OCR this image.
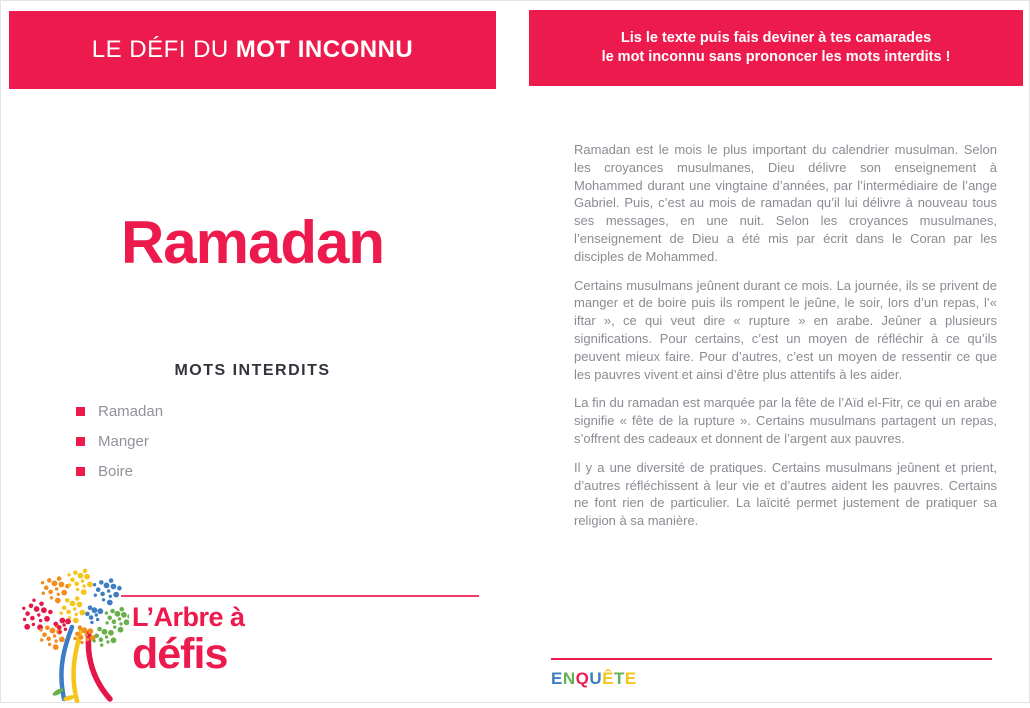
LE DÉFI DU MOT INCONNU	Lis le texte puis fais deviner à tes camarades
le mot inconnu sans prononcer les mots interdits !
Ramadan
MOTS INTERDITS
Ramadan
Manger
Boire
L’Arbre à
défis

Ramadan est le mois le plus important du calendrier musulman. Selon les croyances musulmanes, Dieu délivre son enseignement à Mohammed durant une vingtaine d’années, par l’intermédiaire de l’ange Gabriel. Puis, c’est au mois de ramadan qu’il lui délivre à nouveau tous ses messages, en une nuit. Selon les croyances musulmanes, l’enseignement de Dieu a été mis par écrit dans le Coran par les disciples de Mohammed.

Certains musulmans jeûnent durant ce mois. La journée, ils se privent de manger et de boire puis ils rompent le jeûne, le soir, lors d’un repas, l’« iftar », ce qui veut dire « rupture » en arabe. Jeûner a plusieurs significations. Pour certains, c’est un moyen de réfléchir à ce qu’ils peuvent mieux faire. Pour d’autres, c’est un moyen de ressentir ce que les pauvres vivent et ainsi d’être plus attentifs à les aider.

La fin du ramadan est marquée par la fête de l’Aïd el-Fitr, ce qui en arabe signifie « fête de la rupture ». Certains musulmans partagent un repas, s’offrent des cadeaux et donnent de l’argent aux pauvres.

Il y a une diversité de pratiques. Certains musulmans jeûnent et prient, d’autres réfléchissent à leur vie et d’autres aident les pauvres. Certains ne font rien de particulier. La laïcité permet justement de pratiquer sa religion à sa manière.

ENQUÊTE
